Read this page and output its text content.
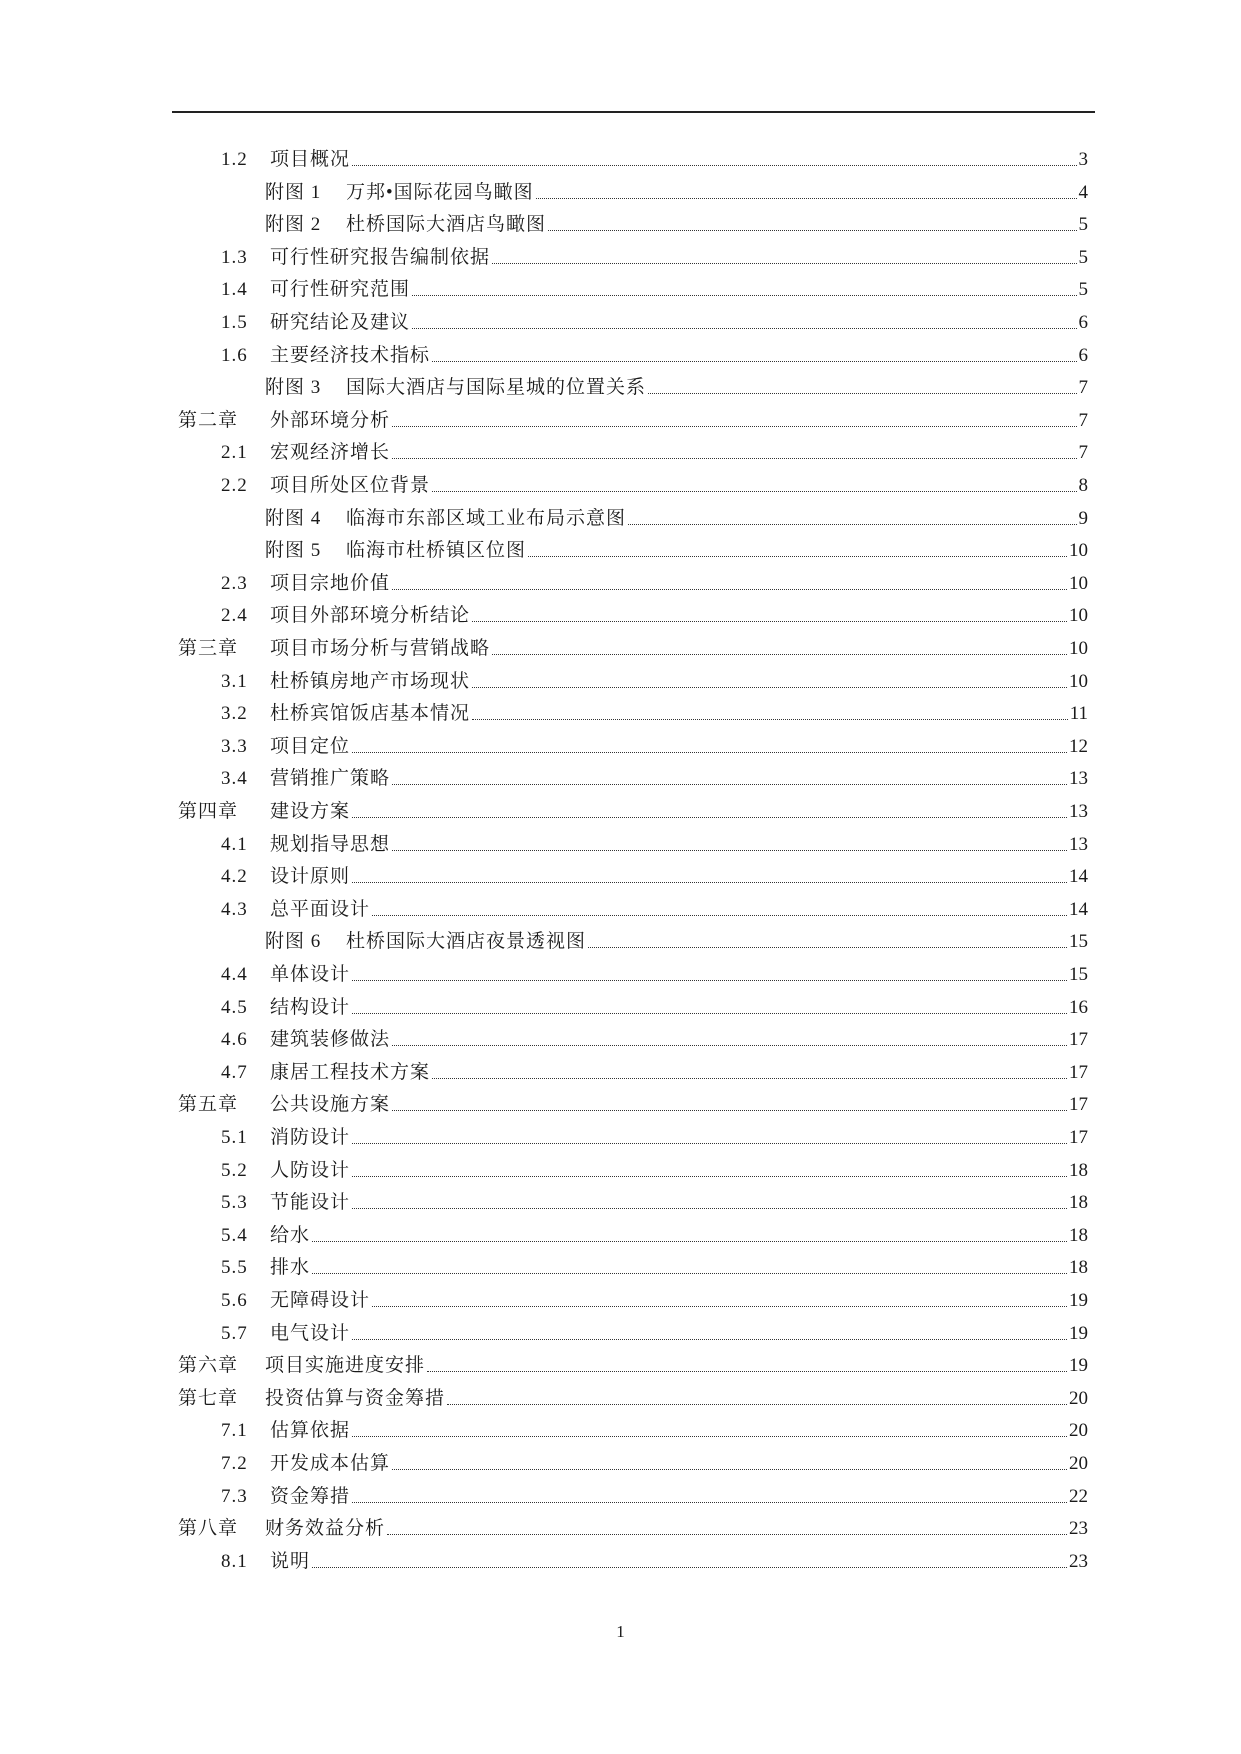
1.2	项目概况	3
附图 1	万邦•国际花园鸟瞰图	4
附图 2	杜桥国际大酒店鸟瞰图	5
1.3	可行性研究报告编制依据	5
1.4	可行性研究范围	5
1.5	研究结论及建议	6
1.6	主要经济技术指标	6
附图 3	国际大酒店与国际星城的位置关系	7
第二章	外部环境分析	7
2.1	宏观经济增长	7
2.2	项目所处区位背景	8
附图 4	临海市东部区域工业布局示意图	9
附图 5	临海市杜桥镇区位图	10
2.3	项目宗地价值	10
2.4	项目外部环境分析结论	10
第三章	项目市场分析与营销战略	10
3.1	杜桥镇房地产市场现状	10
3.2	杜桥宾馆饭店基本情况	11
3.3	项目定位	12
3.4	营销推广策略	13
第四章	建设方案	13
4.1	规划指导思想	13
4.2	设计原则	14
4.3	总平面设计	14
附图 6	杜桥国际大酒店夜景透视图	15
4.4	单体设计	15
4.5	结构设计	16
4.6	建筑装修做法	17
4.7	康居工程技术方案	17
第五章	公共设施方案	17
5.1	消防设计	17
5.2	人防设计	18
5.3	节能设计	18
5.4	给水	18
5.5	排水	18
5.6	无障碍设计	19
5.7	电气设计	19
第六章	项目实施进度安排	19
第七章	投资估算与资金筹措	20
7.1	估算依据	20
7.2	开发成本估算	20
7.3	资金筹措	22
第八章	财务效益分析	23
8.1	说明	23
1
